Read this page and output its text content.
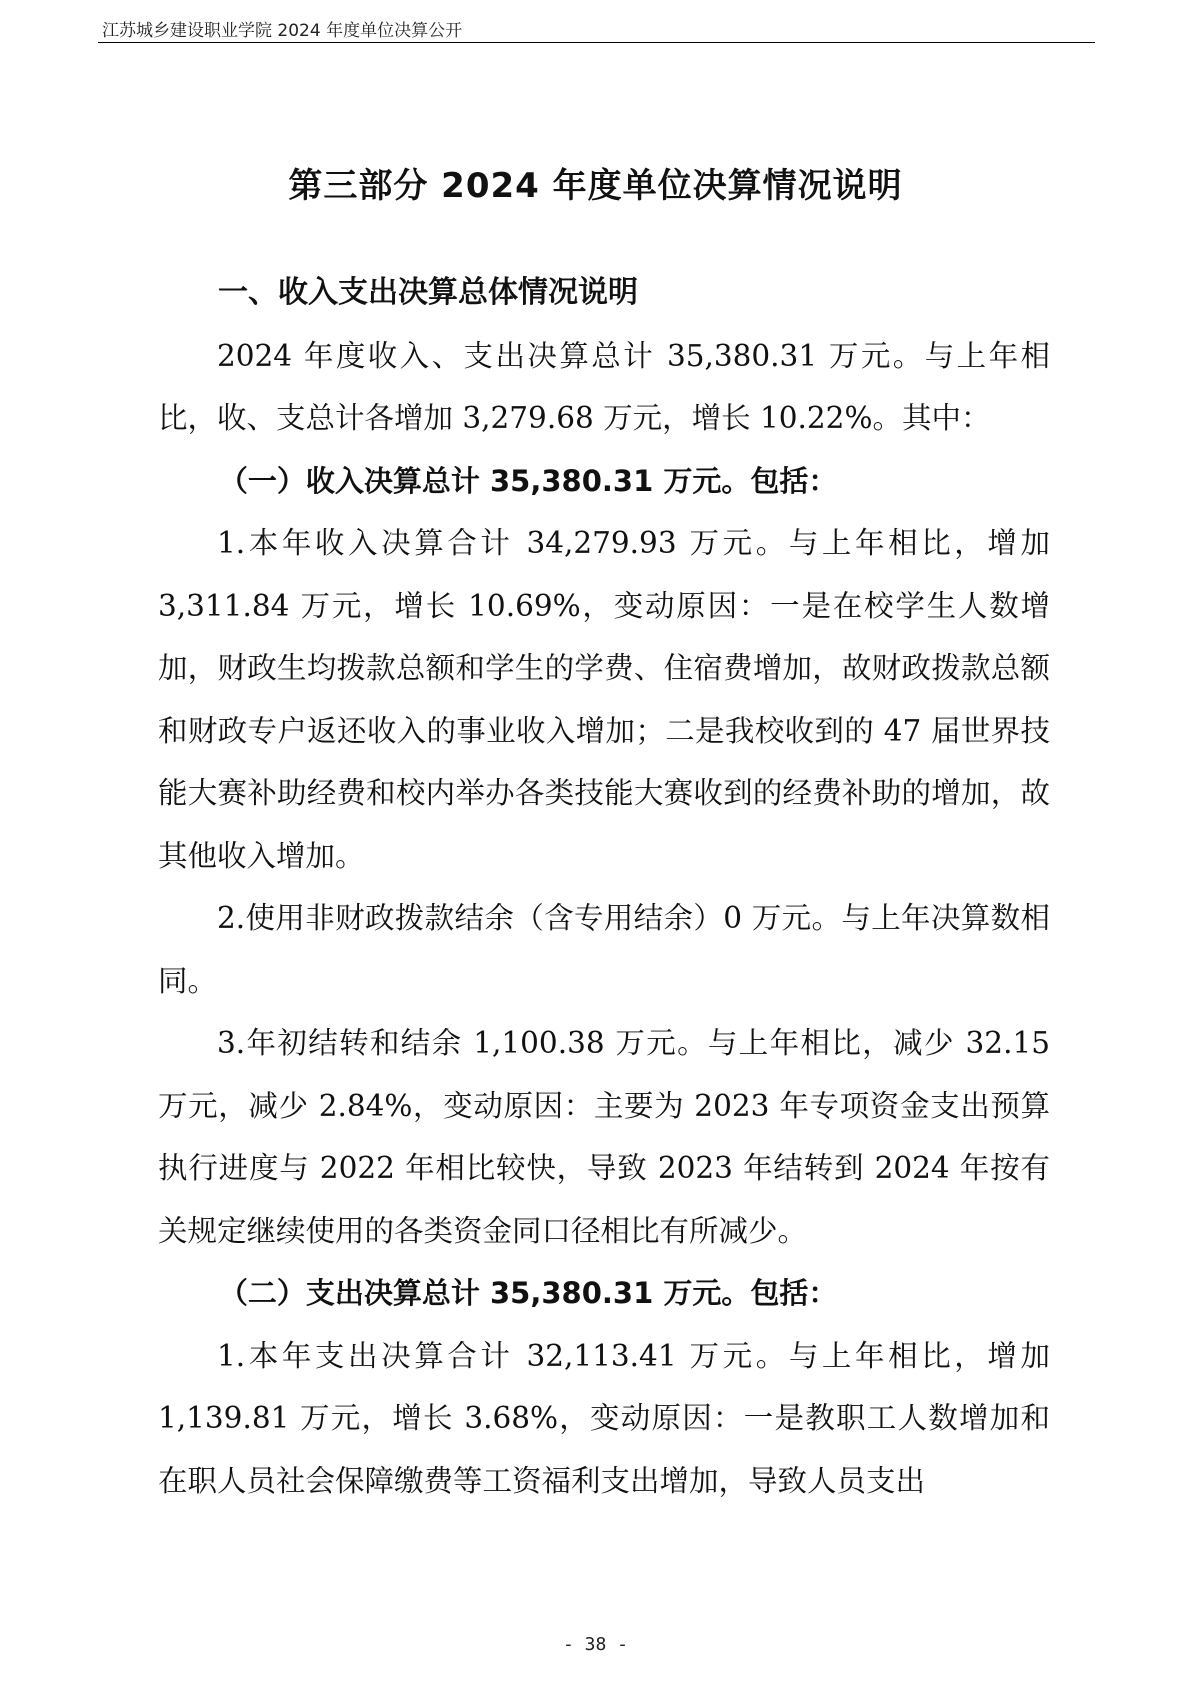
江苏城乡建设职业学院 2024 年度单位决算公开
第三部分 2024 年度单位决算情况说明
一、收入支出决算总体情况说明

2024 年度收入、支出决算总计 35,380.31 万元。与上年相比，收、支总计各增加 3,279.68 万元，增长 10.22%。其中：

（一）收入决算总计 35,380.31 万元。包括：

1.本年收入决算合计 34,279.93 万元。与上年相比，增加 3,311.84 万元，增长 10.69%，变动原因：一是在校学生人数增加，财政生均拨款总额和学生的学费、住宿费增加，故财政拨款总额和财政专户返还收入的事业收入增加；二是我校收到的 47 届世界技能大赛补助经费和校内举办各类技能大赛收到的经费补助的增加，故其他收入增加。

2.使用非财政拨款结余（含专用结余）0 万元。与上年决算数相同。

3.年初结转和结余 1,100.38 万元。与上年相比，减少 32.15 万元，减少 2.84%，变动原因：主要为 2023 年专项资金支出预算执行进度与 2022 年相比较快，导致 2023 年结转到 2024 年按有关规定继续使用的各类资金同口径相比有所减少。

（二）支出决算总计 35,380.31 万元。包括：

1.本年支出决算合计 32,113.41 万元。与上年相比，增加 1,139.81 万元，增长 3.68%，变动原因：一是教职工人数增加和在职人员社会保障缴费等工资福利支出增加，导致人员支出

- 38 -
